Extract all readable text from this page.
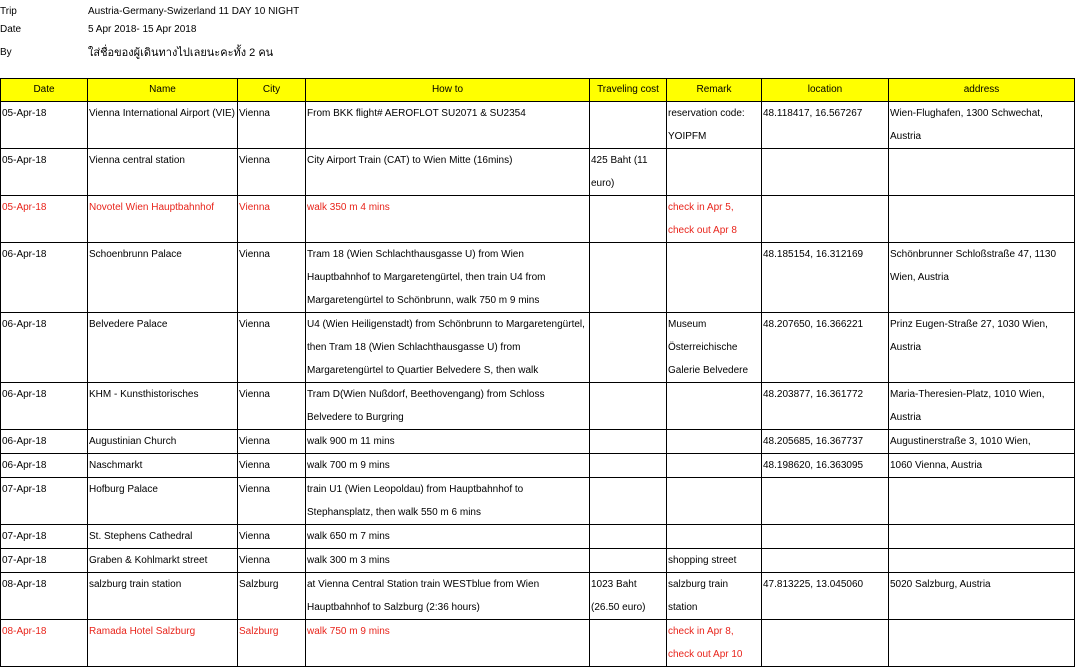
Trip	Austria-Germany-Swizerland 11 DAY 10 NIGHT
Date	5 Apr 2018- 15 Apr 2018
By	ใส่ชื่อของผู้เดินทางไปเลยนะคะทั้ง 2 คน
Date	Name	City	How to	Traveling cost	Remark	location	address
05-Apr-18	Vienna International Airport (VIE)	Vienna	From BKK flight# AEROFLOT SU2071 & SU2354		reservation code: YOIPFM	48.118417, 16.567267	Wien-Flughafen, 1300 Schwechat, Austria
05-Apr-18	Vienna central station	Vienna	City Airport Train (CAT) to Wien Mitte (16mins)	425 Baht (11 euro)			
05-Apr-18	Novotel Wien Hauptbahnhof	Vienna	walk 350 m 4 mins		check in Apr 5, check out Apr 8		
06-Apr-18	Schoenbrunn Palace	Vienna	Tram 18 (Wien Schlachthausgasse U) from Wien Hauptbahnhof to Margaretengürtel, then train U4 from Margaretengürtel to Schönbrunn, walk 750 m 9 mins			48.185154, 16.312169	Schönbrunner Schloßstraße 47, 1130 Wien, Austria
06-Apr-18	Belvedere Palace	Vienna	U4 (Wien Heiligenstadt) from Schönbrunn to Margaretengürtel, then Tram 18 (Wien Schlachthausgasse U) from Margaretengürtel to Quartier Belvedere S, then walk		Museum Österreichische Galerie Belvedere	48.207650, 16.366221	Prinz Eugen-Straße 27, 1030 Wien, Austria
06-Apr-18	KHM - Kunsthistorisches	Vienna	Tram D(Wien Nußdorf, Beethovengang) from Schloss Belvedere to Burgring			48.203877, 16.361772	Maria-Theresien-Platz, 1010 Wien, Austria
06-Apr-18	Augustinian Church	Vienna	walk 900 m 11 mins			48.205685, 16.367737	Augustinerstraße 3, 1010 Wien,
06-Apr-18	Naschmarkt	Vienna	walk 700 m 9 mins			48.198620, 16.363095	1060 Vienna, Austria
07-Apr-18	Hofburg Palace	Vienna	train U1 (Wien Leopoldau) from Hauptbahnhof to Stephansplatz, then walk 550 m 6 mins				
07-Apr-18	St. Stephens Cathedral	Vienna	walk 650 m 7 mins				
07-Apr-18	Graben & Kohlmarkt street	Vienna	walk 300 m 3 mins		shopping street		
08-Apr-18	salzburg train station	Salzburg	at Vienna Central Station train WESTblue from Wien Hauptbahnhof to Salzburg (2:36 hours)	1023 Baht (26.50 euro)	salzburg train station	47.813225, 13.045060	5020 Salzburg, Austria
08-Apr-18	Ramada Hotel Salzburg	Salzburg	walk 750 m 9 mins		check in Apr 8, check out Apr 10		
